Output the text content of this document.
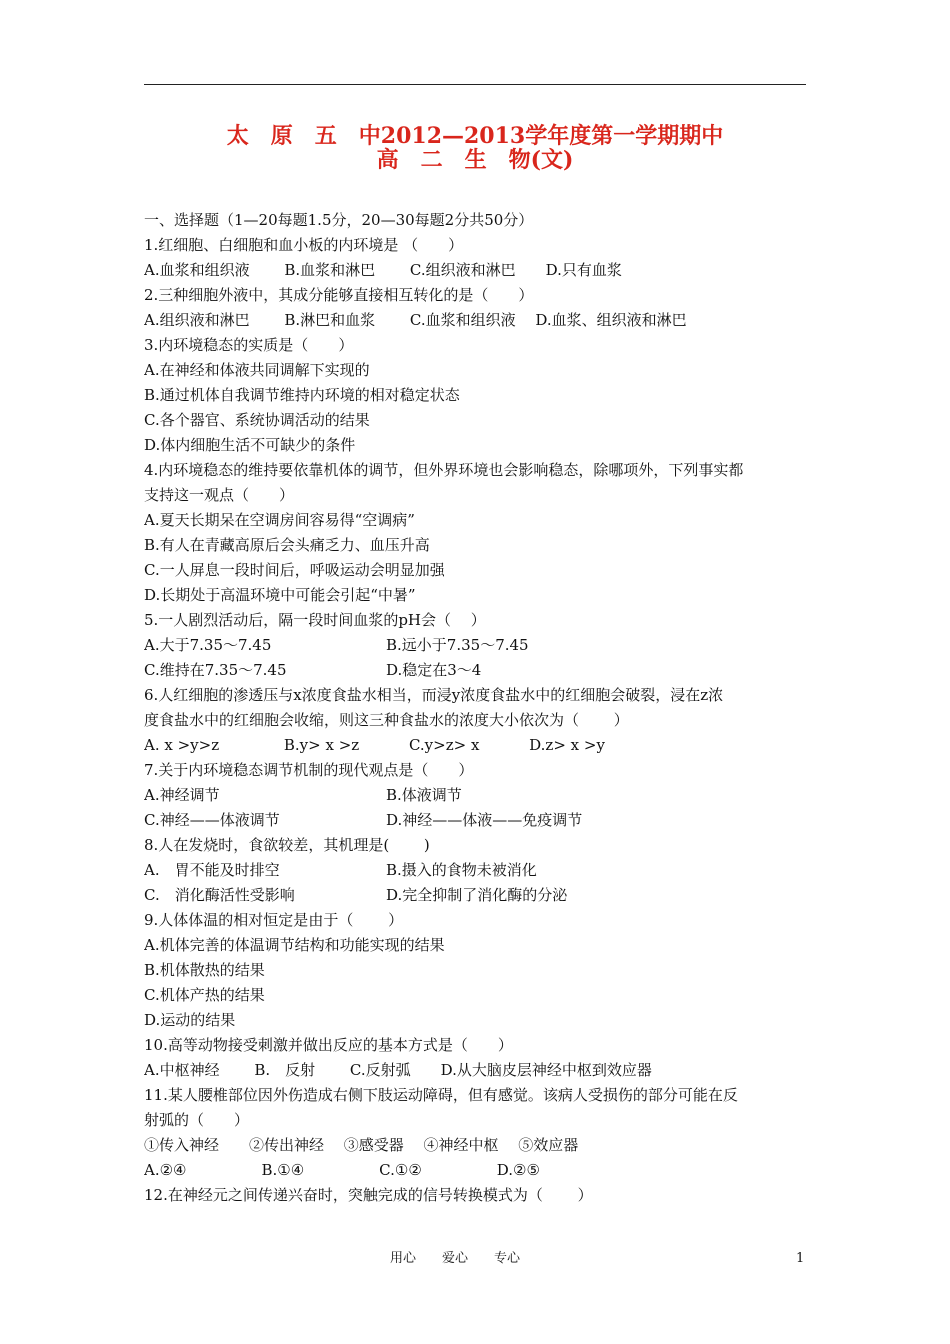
太　原　五　中2012—2013学年度第一学期期中
高　二　生　物(文)
一、选择题（1—20每题1.5分，20—30每题2分共50分）
1.红细胞、白细胞和血小板的内环境是 （　　）
A.血浆和组织液　　 B.血浆和淋巴　　 C.组织液和淋巴　　D.只有血浆
2.三种细胞外液中，其成分能够直接相互转化的是（　　）
A.组织液和淋巴　　 B.淋巴和血浆　　 C.血浆和组织液　 D.血浆、组织液和淋巴
3.内环境稳态的实质是（　　）
A.在神经和体液共同调解下实现的
B.通过机体自我调节维持内环境的相对稳定状态
C.各个器官、系统协调活动的结果
D.体内细胞生活不可缺少的条件
4.内环境稳态的维持要依靠机体的调节，但外界环境也会影响稳态，除哪项外，下列事实都
支持这一观点（　　）
A.夏天长期呆在空调房间容易得“空调病”
B.有人在青藏高原后会头痛乏力、血压升高
C.一人屏息一段时间后，呼吸运动会明显加强
D.长期处于高温环境中可能会引起“中暑”
5.一人剧烈活动后，隔一段时间血浆的pH会（　 ）
A.大于7.35～7.45	B.远小于7.35～7.45
C.维持在7.35～7.45	D.稳定在3～4
6.人红细胞的渗透压与x浓度食盐水相当，而浸y浓度食盐水中的红细胞会破裂，浸在z浓
度食盐水中的红细胞会收缩，则这三种食盐水的浓度大小依次为（　　 ）
A. x >y>z　　　　 B.y> x >z　　　 C.y>z> x　　　 D.z> x >y
7.关于内环境稳态调节机制的现代观点是（　　）
A.神经调节	B.体液调节
C.神经——体液调节	D.神经——体液——免疫调节
8.人在发烧时，食欲较差，其机理是(　　 )
A.　胃不能及时排空	B.摄入的食物未被消化
C.　消化酶活性受影响	D.完全抑制了消化酶的分泌
9.人体体温的相对恒定是由于（　　 ）
A.机体完善的体温调节结构和功能实现的结果
B.机体散热的结果
C.机体产热的结果
D.运动的结果
10.高等动物接受刺激并做出反应的基本方式是（　　）
A.中枢神经　　 B.　反射　　 C.反射弧　　D.从大脑皮层神经中枢到效应器
11.某人腰椎部位因外伤造成右侧下肢运动障碍，但有感觉。该病人受损伤的部分可能在反
射弧的（　　）
①传入神经　　②传出神经　 ③感受器　 ④神经中枢　 ⑤效应器
A.②④　　　　　B.①④　　　　　C.①②　　　　　D.②⑤
12.在神经元之间传递兴奋时，突触完成的信号转换模式为（　　 ）
用心　　爱心　　专心	1
